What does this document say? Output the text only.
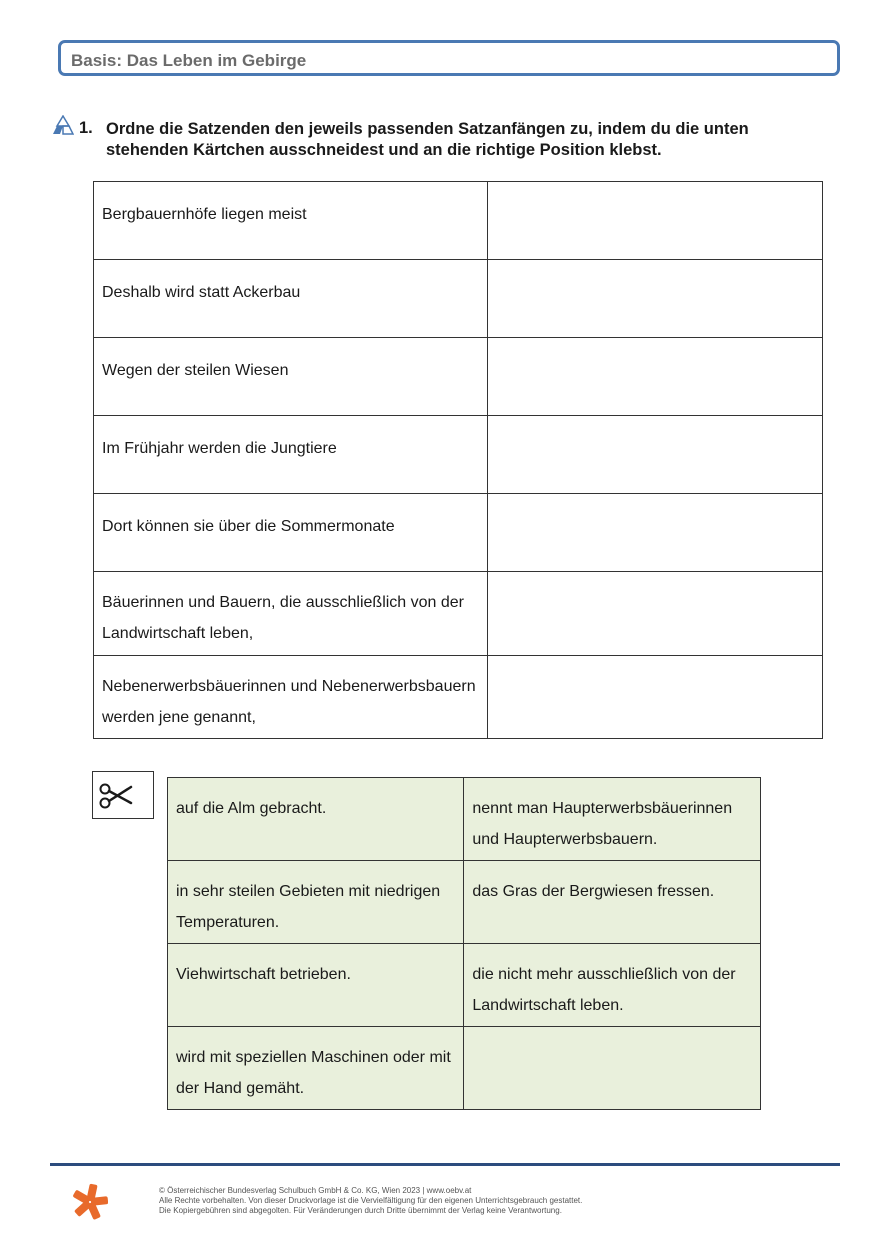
Basis: Das Leben im Gebirge
1. Ordne die Satzenden den jeweils passenden Satzanfängen zu, indem du die unten stehenden Kärtchen ausschneidest und an die richtige Position klebst.
Bergbauernhöfe liegen meist	
Deshalb wird statt Ackerbau	
Wegen der steilen Wiesen	
Im Frühjahr werden die Jungtiere	
Dort können sie über die Sommermonate	
Bäuerinnen und Bauern, die ausschließlich von der Landwirtschaft leben,	
Nebenerwerbsbäuerinnen und Nebenerwerbsbauern werden jene genannt,	
auf die Alm gebracht.	nennt man Haupterwerbsbäuerinnen und Haupterwerbsbauern.
in sehr steilen Gebieten mit niedrigen Temperaturen.	das Gras der Bergwiesen fressen.
Viehwirtschaft betrieben.	die nicht mehr ausschließlich von der Landwirtschaft leben.
wird mit speziellen Maschinen oder mit der Hand gemäht.	
© Österreichischer Bundesverlag Schulbuch GmbH & Co. KG, Wien 2023 | www.oebv.at
Alle Rechte vorbehalten. Von dieser Druckvorlage ist die Vervielfältigung für den eigenen Unterrichtsgebrauch gestattet.
Die Kopiergebühren sind abgegolten. Für Veränderungen durch Dritte übernimmt der Verlag keine Verantwortung.
